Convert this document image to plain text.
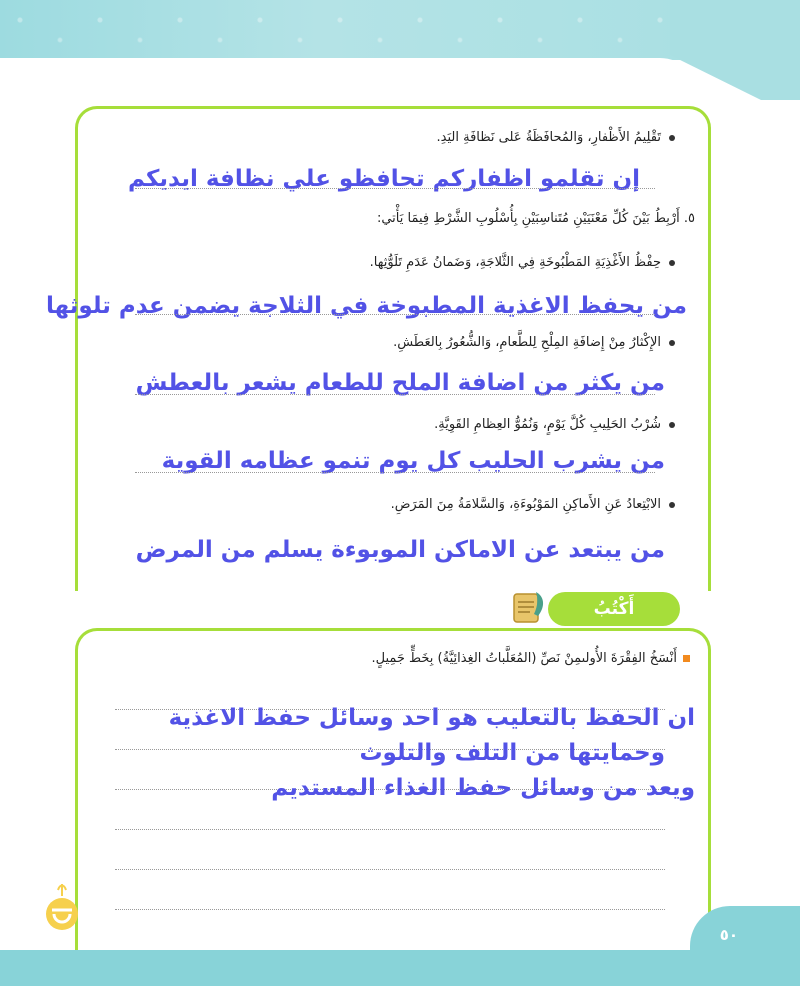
تَقْلِيمُ الأَظْفارِ، وَالمُحافَظَةُ عَلى نَظافَةِ اليَدِ.
إن تقلمو اظفاركم تحافظو علي نظافة ايديكم
٥. أَرْبِطُ بَيْنَ كُلِّ مَعْنَيَيْنِ مُتَناسِبَيْنِ بِأُسْلُوبِ الشَّرْطِ فِيمَا يَأْتي:
حِفْظُ الأَغْذِيَةِ المَطْبُوخَةِ فِي الثَّلاجَةِ، وَضَمانُ عَدَمِ تَلَوُّثِها.
من يحفظ الاغذية المطبوخة في الثلاجة يضمن عدم تلوثها
الإِكْثارُ مِنْ إِضافَةِ المِلْحِ لِلطَّعامِ، وَالشُّعُورُ بِالعَطَشِ.
من يكثر من اضافة الملح للطعام يشعر بالعطش
شُرْبُ الحَلِيبِ كُلَّ يَوْمٍ، وَنُمُوُّ العِظامِ القَوِيَّةِ.
من يشرب الحليب كل يوم تنمو عظامه القوية
الابْتِعادُ عَنِ الأَماكِنِ المَوْبُوءَةِ، وَالسَّلامَةُ مِنَ المَرَضِ.
من يبتعد عن الاماكن الموبوءة يسلم من المرض
أَكْتُبُ
أَنْسَخُ الفِقْرَةَ الأُولىمِنْ نَصِّ (المُعَلَّباتُ الغِذائِيَّةُ) بِخَطٍّ جَمِيلٍ.
ان الحفظ بالتعليب هو احد وسائل حفظ الاغذية
وحمايتها من التلف والتلوث
ويعد من وسائل حفظ الغذاء المستديم
٥٠
